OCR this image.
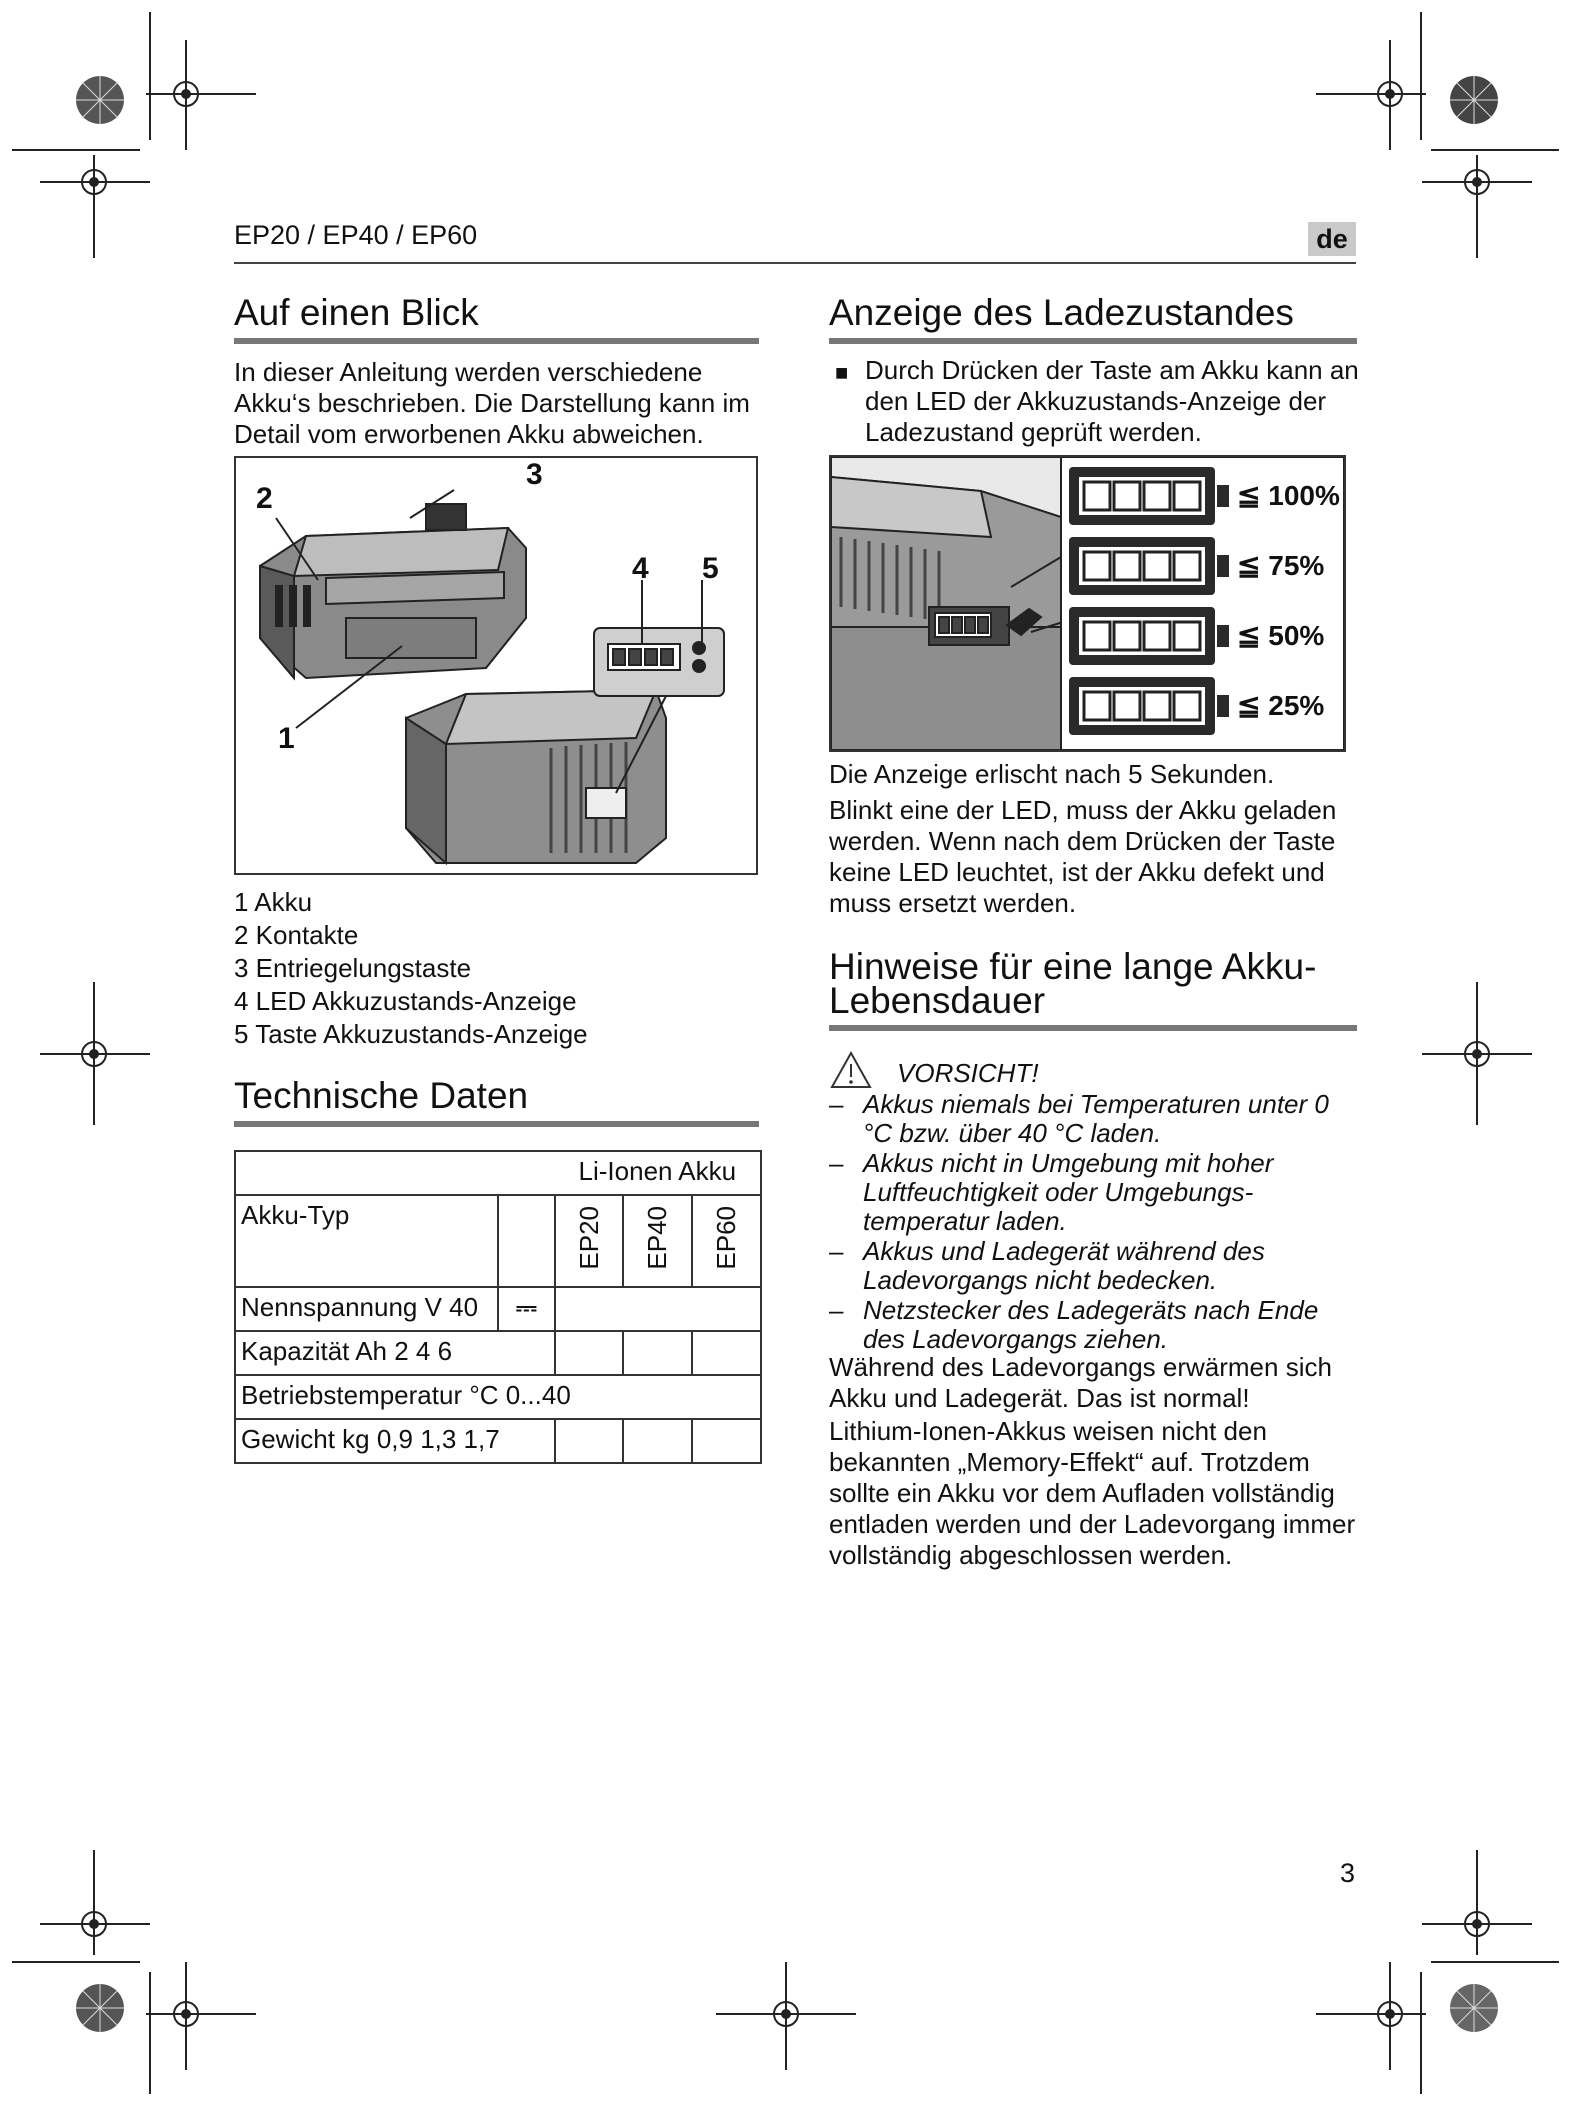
EP20 / EP40 / EP60	de
Auf einen Blick
In dieser Anleitung werden verschiedene Akku‘s beschrieben. Die Darstellung kann im Detail vom erworbenen Akku abweichen.
2
3
4 5
1
1 Akku
2 Kontakte
3 Entriegelungstaste
4 LED Akkuzustands-Anzeige
5 Taste Akkuzustands-Anzeige
Technische Daten
		Li-Ionen Akku		
Akku-Typ		EP20	EP40	EP60
Nennspannung V 40	⎓			
Kapazität Ah 2 4 6				
Betriebstemperatur °C 0...40				
Gewicht kg 0,9 1,3 1,7				
Anzeige des Ladezustandes
■ Durch Drücken der Taste am Akku kann an den LED der Akkuzustands-Anzeige der Ladezustand geprüft werden.
≦ 100%
≦ 75%
≦ 50%
≦ 25%

Die Anzeige erlischt nach 5 Sekunden.

Blinkt eine der LED, muss der Akku geladen werden. Wenn nach dem Drücken der Taste keine LED leuchtet, ist der Akku defekt und muss ersetzt werden.

Hinweise für eine lange Akku-Lebensdauer
VORSICHT!
– Akkus niemals bei Temperaturen unter 0 °C bzw. über 40 °C laden.
– Akkus nicht in Umgebung mit hoher Luftfeuchtigkeit oder Umgebungs-temperatur laden.
– Akkus und Ladegerät während des Ladevorgangs nicht bedecken.
– Netzstecker des Ladegeräts nach Ende des Ladevorgangs ziehen.

Während des Ladevorgangs erwärmen sich Akku und Ladegerät. Das ist normal!

Lithium-Ionen-Akkus weisen nicht den bekannten „Memory-Effekt“ auf. Trotzdem sollte ein Akku vor dem Aufladen vollständig entladen werden und der Ladevorgang immer vollständig abgeschlossen werden.

3
